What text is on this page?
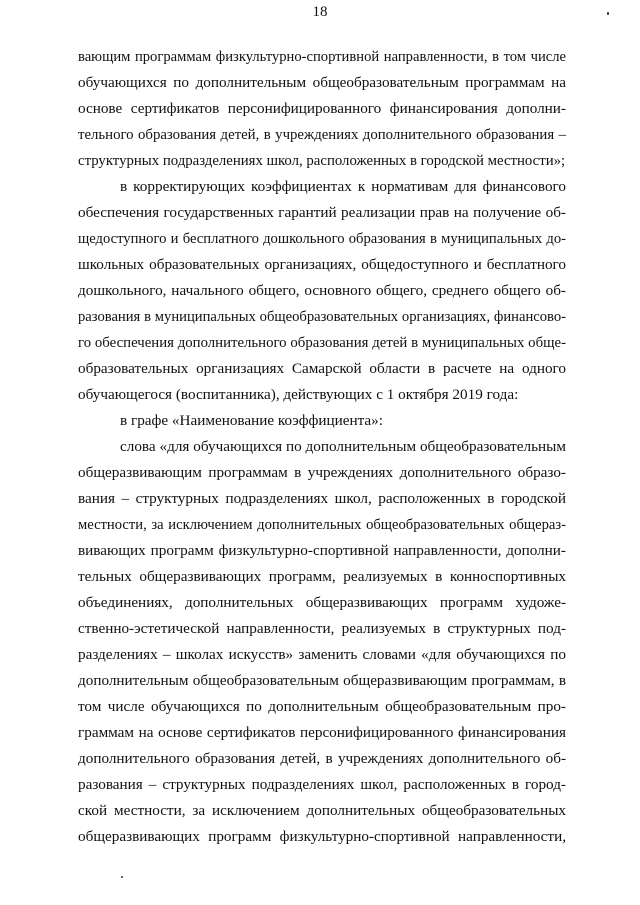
18
вающим программам физкультурно-спортивной направленности, в том числе
обучающихся по дополнительным общеобразовательным программам на
основе сертификатов персонифицированного финансирования дополни-
тельного образования детей, в учреждениях дополнительного образования –
структурных подразделениях школ, расположенных в городской местности»;
в корректирующих коэффициентах к нормативам для финансового
обеспечения государственных гарантий реализации прав на получение об-
щедоступного и бесплатного дошкольного образования в муниципальных до-
школьных образовательных организациях, общедоступного и бесплатного
дошкольного, начального общего, основного общего, среднего общего об-
разования в муниципальных общеобразовательных организациях, финансово-
го обеспечения дополнительного образования детей в муниципальных обще-
образовательных организациях Самарской области в расчете на одного
обучающегося (воспитанника), действующих с 1 октября 2019 года:
в графе «Наименование коэффициента»:
слова «для обучающихся по дополнительным общеобразовательным
общеразвивающим программам в учреждениях дополнительного образо-
вания – структурных подразделениях школ, расположенных в городской
местности, за исключением дополнительных общеобразовательных общераз-
вивающих программ физкультурно-спортивной направленности, дополни-
тельных общеразвивающих программ, реализуемых в конноспортивных
объединениях, дополнительных общеразвивающих программ художе-
ственно-эстетической направленности, реализуемых в структурных под-
разделениях – школах искусств» заменить словами «для обучающихся по
дополнительным общеобразовательным общеразвивающим программам, в
том числе обучающихся по дополнительным общеобразовательным про-
граммам на основе сертификатов персонифицированного финансирования
дополнительного образования детей, в учреждениях дополнительного об-
разования – структурных подразделениях школ, расположенных в город-
ской местности, за исключением дополнительных общеобразовательных
общеразвивающих программ физкультурно-спортивной направленности,
